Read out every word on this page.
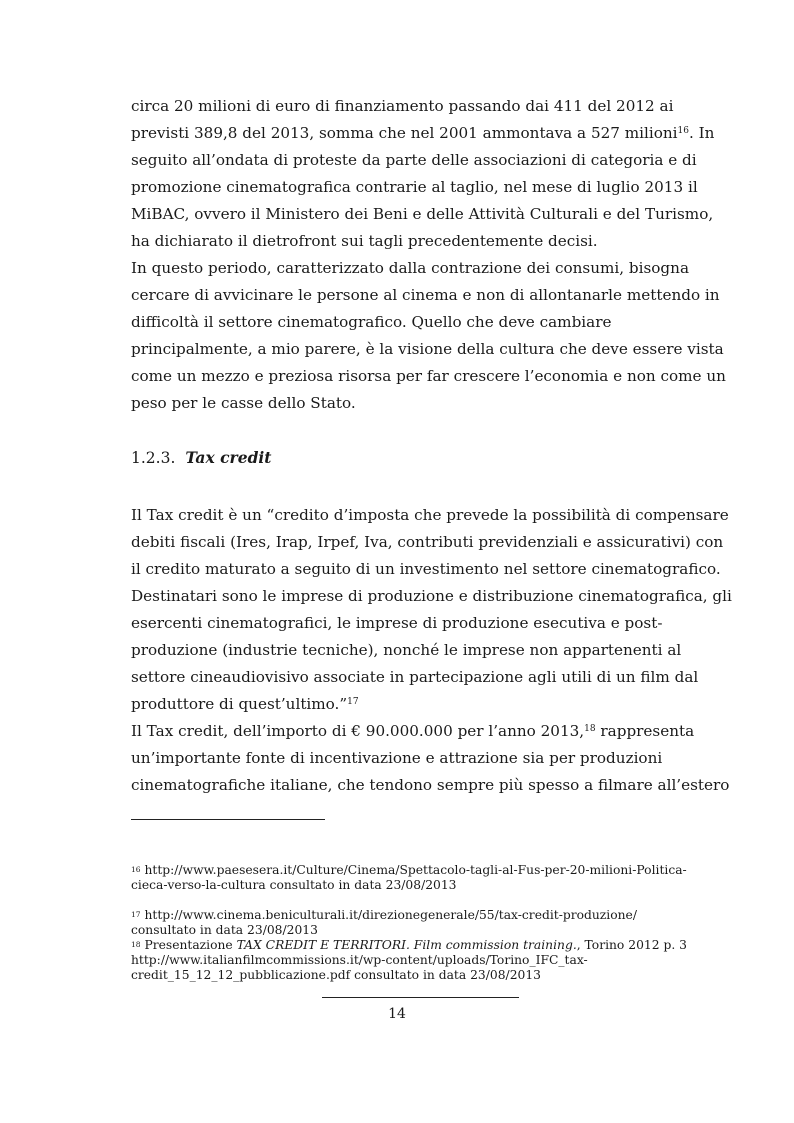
circa 20 milioni di euro di finanziamento passando dai 411 del 2012 ai
previsti 389,8 del 2013, somma che nel 2001 ammontava a 527 milioni$^{16}$. In
seguito all’ondata di proteste da parte delle associazioni di categoria e di
promozione cinematografica contrarie al taglio, nel mese di luglio 2013 il
MiBAC, ovvero il Ministero dei Beni e delle Attività Culturali e del Turismo,
ha dichiarato il dietrofront sui tagli precedentemente decisi.
In questo periodo, caratterizzato dalla contrazione dei consumi, bisogna
cercare di avvicinare le persone al cinema e non di allontanarle mettendo in
difficoltà il settore cinematografico. Quello che deve cambiare
principalmente, a mio parere, è la visione della cultura che deve essere vista
come un mezzo e preziosa risorsa per far crescere l’economia e non come un
peso per le casse dello Stato.
1.2.3. Tax credit
Il Tax credit è un “credito d’imposta che prevede la possibilità di compensare
debiti fiscali (Ires, Irap, Irpef, Iva, contributi previdenziali e assicurativi) con
il credito maturato a seguito di un investimento nel settore cinematografico.
Destinatari sono le imprese di produzione e distribuzione cinematografica, gli
esercenti cinematografici, le imprese di produzione esecutiva e post-
produzione (industrie tecniche), nonché le imprese non appartenenti al
settore cineaudiovisivo associate in partecipazione agli utili di un film dal
produttore di quest’ultimo.”$^{17}$
Il Tax credit, dell’importo di € 90.000.000 per l’anno 2013,18 rappresenta
un’importante fonte di incentivazione e attrazione sia per produzioni
cinematografiche italiane, che tendono sempre più spesso a filmare all’estero
$^{16}$ http://www.paesesera.it/Culture/Cinema/Spettacolo-tagli-al-Fus-per-20-milioni-Politica-
cieca-verso-la-cultura consultato in data 23/08/2013
$^{17}$ http://www.cinema.beniculturali.it/direzionegenerale/55/tax-credit-produzione/
consultato in data 23/08/2013
$^{18}$ Presentazione TAX CREDIT E TERRITORI. Film commission training., Torino 2012 p. 3
http://www.italianfilmcommissions.it/wp-content/uploads/Torino_IFC_tax-
credit_15_12_12_pubblicazione.pdf consultato in data 23/08/2013
14
